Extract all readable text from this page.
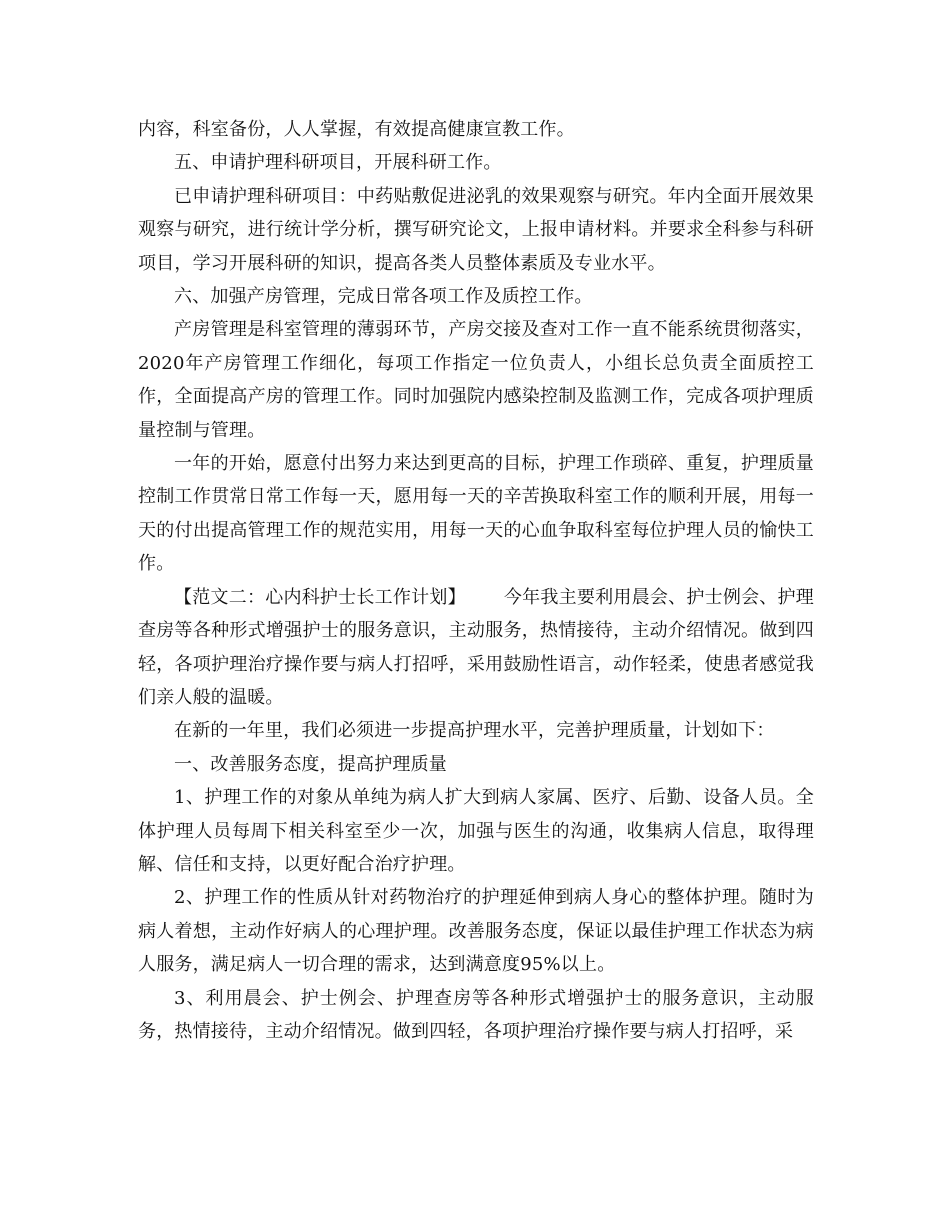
内容，科室备份，人人掌握，有效提高健康宣教工作。

五、申请护理科研项目，开展科研工作。

已申请护理科研项目：中药贴敷促进泌乳的效果观察与研究。年内全面开展效果观察与研究，进行统计学分析，撰写研究论文，上报申请材料。并要求全科参与科研项目，学习开展科研的知识，提高各类人员整体素质及专业水平。

六、加强产房管理，完成日常各项工作及质控工作。

产房管理是科室管理的薄弱环节，产房交接及查对工作一直不能系统贯彻落实，2020年产房管理工作细化，每项工作指定一位负责人，小组长总负责全面质控工作，全面提高产房的管理工作。同时加强院内感染控制及监测工作，完成各项护理质量控制与管理。

一年的开始，愿意付出努力来达到更高的目标，护理工作琐碎、重复，护理质量控制工作贯常日常工作每一天，愿用每一天的辛苦换取科室工作的顺利开展，用每一天的付出提高管理工作的规范实用，用每一天的心血争取科室每位护理人员的愉快工作。

【范文二：心内科护士长工作计划】 今年我主要利用晨会、护士例会、护理查房等各种形式增强护士的服务意识，主动服务，热情接待，主动介绍情况。做到四轻，各项护理治疗操作要与病人打招呼，采用鼓励性语言，动作轻柔，使患者感觉我们亲人般的温暖。

在新的一年里，我们必须进一步提高护理水平，完善护理质量，计划如下：

一、改善服务态度，提高护理质量

1、护理工作的对象从单纯为病人扩大到病人家属、医疗、后勤、设备人员。全体护理人员每周下相关科室至少一次，加强与医生的沟通，收集病人信息，取得理解、信任和支持，以更好配合治疗护理。

2、护理工作的性质从针对药物治疗的护理延伸到病人身心的整体护理。随时为病人着想，主动作好病人的心理护理。改善服务态度，保证以最佳护理工作状态为病人服务，满足病人一切合理的需求，达到满意度95%以上。

3、利用晨会、护士例会、护理查房等各种形式增强护士的服务意识，主动服务，热情接待，主动介绍情况。做到四轻，各项护理治疗操作要与病人打招呼，采
